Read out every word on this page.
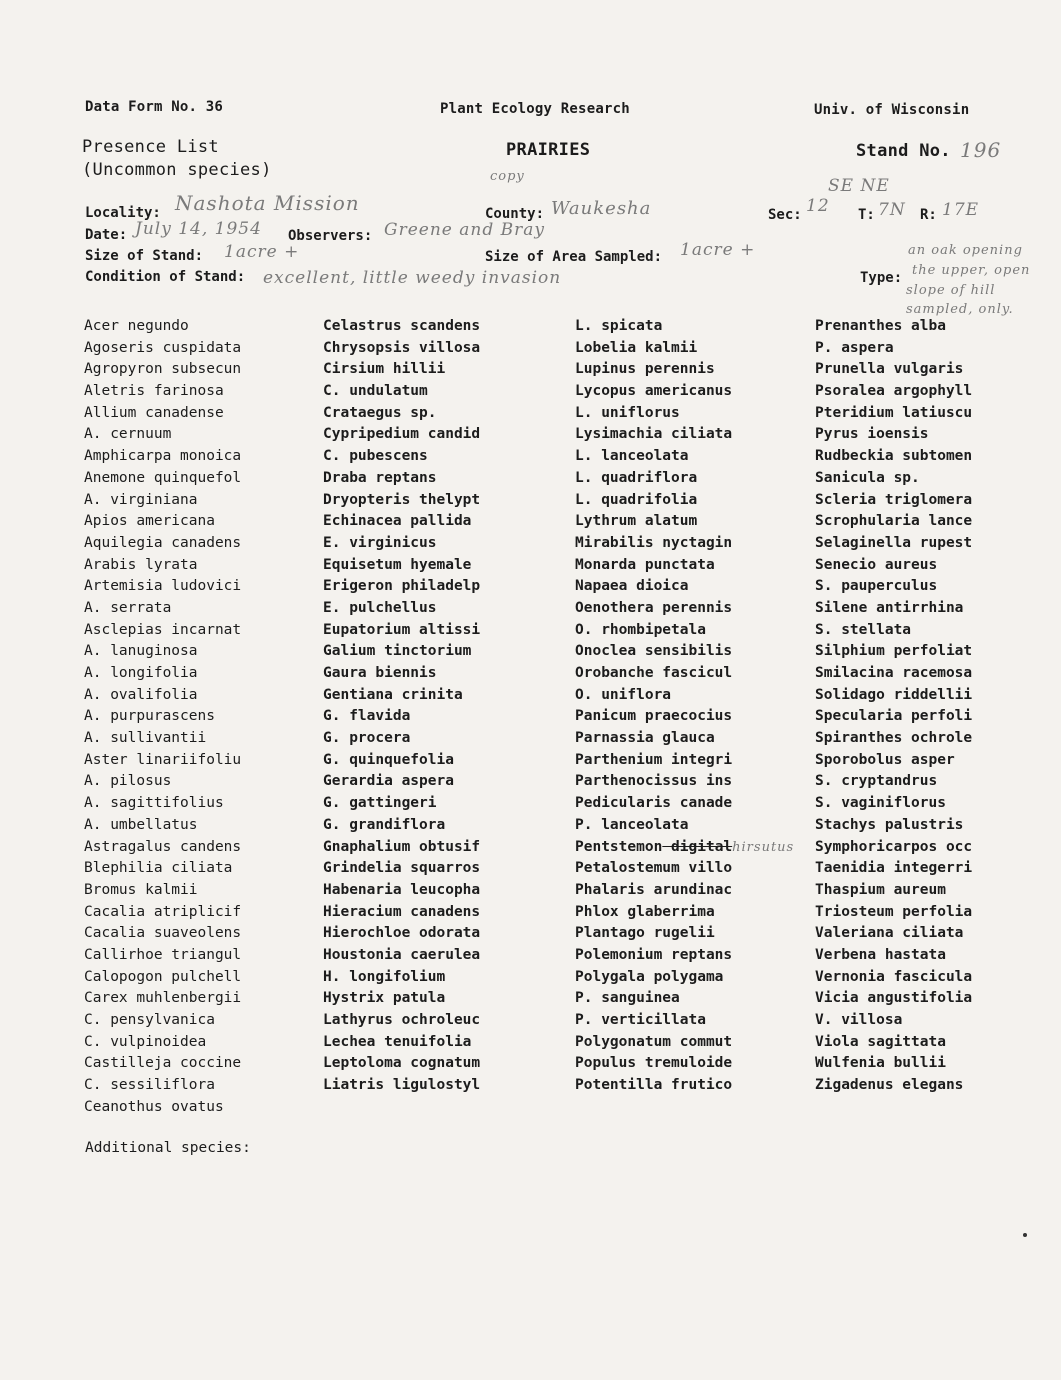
Data Form No. 36	Plant Ecology Research	Univ. of Wisconsin
Presence List
(Uncommon species)
PRAIRIES	Stand No. 196
copy
Locality: Nashota Mission	County: Waukesha	Sec: 12
SE NE
T: 7N R: 17E
Date: July 14, 1954 Observers: Greene and Bray
Size of Stand: 1acre +	Size of Area Sampled: 1acre +
Condition of Stand: excellent, little weedy invasion	Type:
an oak opening
the upper, open
slope of hill
sampled, only.
Acer negundo
Agoseris cuspidata
Agropyron subsecun
Aletris farinosa
Allium canadense
A. cernuum
Amphicarpa monoica
Anemone quinquefol
A. virginiana
Apios americana
Aquilegia canadens
Arabis lyrata
Artemisia ludovici
A. serrata
Asclepias incarnat
A. lanuginosa
A. longifolia
A. ovalifolia
A. purpurascens
A. sullivantii
Aster linariifoliu
A. pilosus
A. sagittifolius
A. umbellatus
Astragalus candens
Blephilia ciliata
Bromus kalmii
Cacalia atriplicif
Cacalia suaveolens
Callirhoe triangul
Calopogon pulchell
Carex muhlenbergii
C. pensylvanica
C. vulpinoidea
Castilleja coccine
C. sessiliflora
Ceanothus ovatus
Celastrus scandens
Chrysopsis villosa
Cirsium hillii
C. undulatum
Crataegus sp.
Cypripedium candid
C. pubescens
Draba reptans
Dryopteris thelypt
Echinacea pallida
E. virginicus
Equisetum hyemale
Erigeron philadelp
E. pulchellus
Eupatorium altissi
Galium tinctorium
Gaura biennis
Gentiana crinita
G. flavida
G. procera
G. quinquefolia
Gerardia aspera
G. gattingeri
G. grandiflora
Gnaphalium obtusif
Grindelia squarros
Habenaria leucopha
Hieracium canadens
Hierochloe odorata
Houstonia caerulea
H. longifolium
Hystrix patula
Lathyrus ochroleuc
Lechea tenuifolia
Leptoloma cognatum
Liatris ligulostyl
L. spicata
Lobelia kalmii
Lupinus perennis
Lycopus americanus
L. uniflorus
Lysimachia ciliata
L. lanceolata
L. quadriflora
L. quadrifolia
Lythrum alatum
Mirabilis nyctagin
Monarda punctata
Napaea dioica
Oenothera perennis
O. rhombipetala
Onoclea sensibilis
Orobanche fascicul
O. uniflora
Panicum praecocius
Parnassia glauca
Parthenium integri
Parthenocissus ins
Pedicularis canade
P. lanceolata
Pentstemon digitalhirsutus
Petalostemum villo
Phalaris arundinac
Phlox glaberrima
Plantago rugelii
Polemonium reptans
Polygala polygama
P. sanguinea
P. verticillata
Polygonatum commut
Populus tremuloide
Potentilla frutico
Prenanthes alba
P. aspera
Prunella vulgaris
Psoralea argophyll
Pteridium latiuscu
Pyrus ioensis
Rudbeckia subtomen
Sanicula sp.
Scleria triglomera
Scrophularia lance
Selaginella rupest
Senecio aureus
S. pauperculus
Silene antirrhina
S. stellata
Silphium perfoliat
Smilacina racemosa
Solidago riddellii
Specularia perfoli
Spiranthes ochrole
Sporobolus asper
S. cryptandrus
S. vaginiflorus
Stachys palustris
Symphoricarpos occ
Taenidia integerri
Thaspium aureum
Triosteum perfolia
Valeriana ciliata
Verbena hastata
Vernonia fascicula
Vicia angustifolia
V. villosa
Viola sagittata
Wulfenia bullii
Zigadenus elegans
Additional species:
